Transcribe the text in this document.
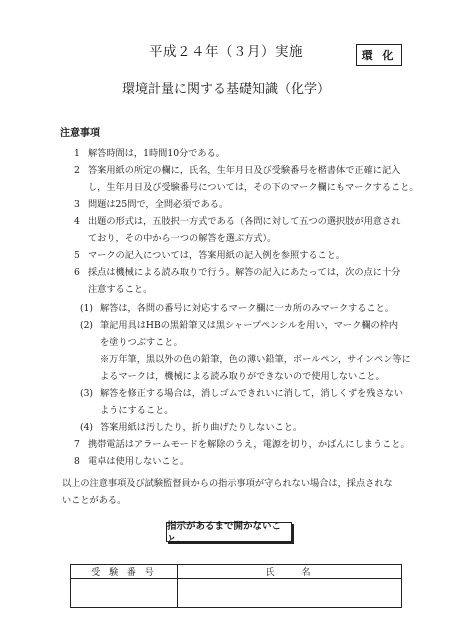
平成２４年（３月）実施	環 化
環境計量に関する基礎知識（化学）
注意事項
1 解答時間は，1時間10分である。
2 答案用紙の所定の欄に，氏名，生年月日及び受験番号を楷書体で正確に記入
し，生年月日及び受験番号については，その下のマーク欄にもマークすること。
3 問題は25問で，全問必須である。
4 出題の形式は，五肢択一方式である（各問に対して五つの選択肢が用意され
ており，その中から一つの解答を選ぶ方式）。
5 マークの記入については，答案用紙の記入例を参照すること。
6 採点は機械による読み取りで行う。解答の記入にあたっては，次の点に十分
注意すること。
(1) 解答は，各問の番号に対応するマーク欄に一カ所のみマークすること。
(2) 筆記用具はHBの黒鉛筆又は黒シャープペンシルを用い，マーク欄の枠内
を塗りつぶすこと。
※万年筆，黒以外の色の鉛筆，色の薄い鉛筆，ボールペン，サインペン等に
よるマークは，機械による読み取りができないので使用しないこと。
(3) 解答を修正する場合は，消しゴムできれいに消して，消しくずを残さない
ようにすること。
(4) 答案用紙は汚したり，折り曲げたりしないこと。
7 携帯電話はアラームモードを解除のうえ，電源を切り，かばんにしまうこと。
8 電卓は使用しないこと。
以上の注意事項及び試験監督員からの指示事項が守られない場合は，採点されな
いことがある。
指示があるまで開かないこと。
受 験 番 号	氏　　名
